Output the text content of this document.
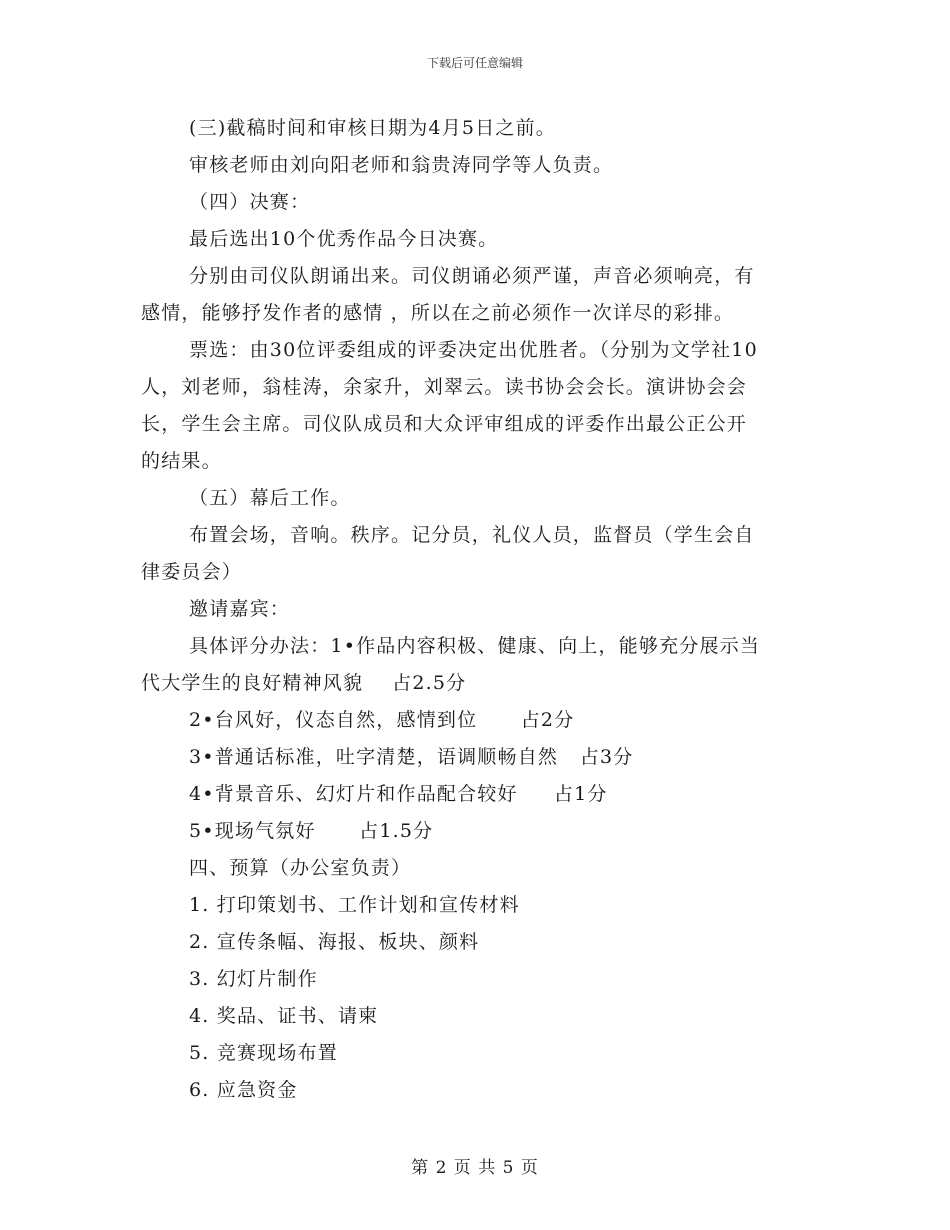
下载后可任意编辑
(三)截稿时间和审核日期为4月5日之前。
审核老师由刘向阳老师和翁贵涛同学等人负责。
（四）决赛：
最后选出10个优秀作品今日决赛。
分别由司仪队朗诵出来。司仪朗诵必须严谨，声音必须响亮，有
感情，能够抒发作者的感情 ，所以在之前必须作一次详尽的彩排。
票选：由30位评委组成的评委决定出优胜者。（分别为文学社10
人，刘老师，翁桂涛，余家升，刘翠云。读书协会会长。演讲协会会
长，学生会主席。司仪队成员和大众评审组成的评委作出最公正公开
的结果。
（五）幕后工作。
布置会场，音响。秩序。记分员，礼仪人员，监督员（学生会自
律委员会）
邀请嘉宾：
具体评分办法：1•作品内容积极、健康、向上，能够充分展示当
代大学生的良好精神风貌    占2.5分
2•台风好，仪态自然，感情到位      占2分
3•普通话标准，吐字清楚，语调顺畅自然   占3分
4•背景音乐、幻灯片和作品配合较好     占1分
5•现场气氛好      占1.5分
四、预算（办公室负责）
1. 打印策划书、工作计划和宣传材料
2. 宣传条幅、海报、板块、颜料
3. 幻灯片制作
4. 奖品、证书、请柬
5. 竞赛现场布置
6. 应急资金
第 2 页 共 5 页
